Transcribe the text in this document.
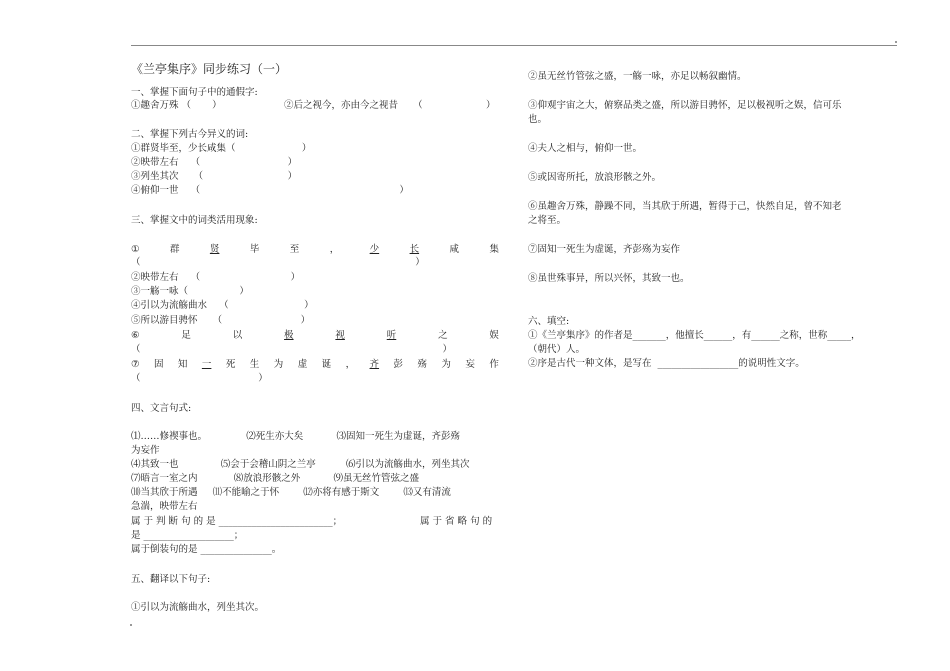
《兰亭集序》同步练习（一）
一、掌握下面句子中的通假字:
①趣舍万殊 （       ）	②后之视今，亦由今之视昔     （                     ）
二、掌握下列古今异义的词:
①群贤毕至，少长咸集（                      ）
②映带左右    （                             ）
③列坐其次     （                            ）
④俯仰一世    （                                                                  ）
三、掌握文中的词类活用现象:
①	群	贤	毕	至	，	少	长	咸	集
（                                                                                           ）
②映带左右    （                              ）
③一觞一咏（                 ）
④引以为流觞曲水    （                         ）
⑤所以游目骋怀     （                          ）
⑥	足	以	极	视	听	之	娱
（                                                                                                    ）
⑦ 固 知 一 死 生 为 虚 诞 ， 齐 彭 殇 为 妄 作
（                                       ）
四、文言句式:
⑴……修禊事也。             ⑵死生亦大矣           ⑶固知一死生为虚诞，齐彭殇
为妄作
⑷其致一也              ⑸会于会稽山阴之兰亭          ⑹引以为流觞曲水，列坐其次
⑺晤言一室之内            ⑻放浪形骸之外           ⑼虽无丝竹管弦之盛
⑽当其欣于所遇     ⑾不能喻之于怀        ⑿亦将有感于斯文        ⒀又有清流
急湍，映带左右
属 于 判 断 句 的 是 ________________________；	属 于 省 略 句 的
是 ___________________；
属于倒装句的是 _______________。
五、翻译以下句子:
①引以为流觞曲水，列坐其次。
②虽无丝竹管弦之盛，一觞一咏，亦足以畅叙幽情。
③仰观宇宙之大，俯察品类之盛，所以游目骋怀，足以极视听之娱，信可乐
也。
④夫人之相与，俯仰一世。
⑤或因寄所托，放浪形骸之外。
⑥虽趣舍万殊，静躁不同，当其欣于所遇，暂得于己，快然自足，曾不知老
之将至。
⑦固知一死生为虚诞，齐彭殇为妄作
⑧虽世殊事异，所以兴怀，其致一也。
六、填空:
①《兰亭集序》的作者是_______，他擅长______，有______之称，世称_____，
（朝代）人。
②序是古代一种文体，是写在  _________________的说明性文字。
